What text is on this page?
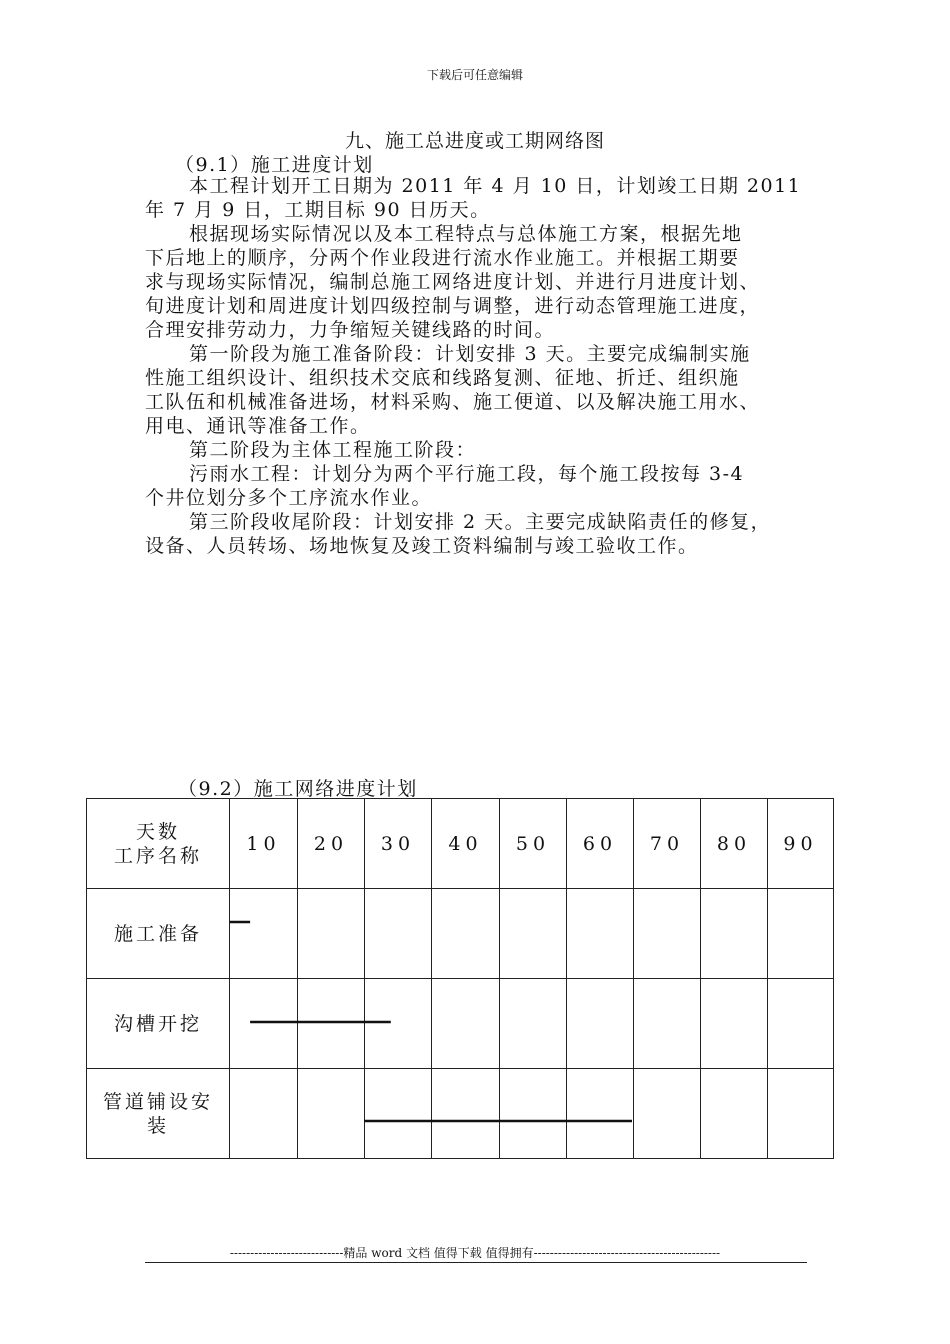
下载后可任意编辑
九、施工总进度或工期网络图
（9.1）施工进度计划
本工程计划开工日期为 2011 年 4 月 10 日，计划竣工日期 2011
年 7 月 9 日，工期目标 90 日历天。
根据现场实际情况以及本工程特点与总体施工方案，根据先地
下后地上的顺序，分两个作业段进行流水作业施工。并根据工期要
求与现场实际情况，编制总施工网络进度计划、并进行月进度计划、
旬进度计划和周进度计划四级控制与调整，进行动态管理施工进度，
合理安排劳动力，力争缩短关键线路的时间。
第一阶段为施工准备阶段：计划安排 3 天。主要完成编制实施
性施工组织设计、组织技术交底和线路复测、征地、折迁、组织施
工队伍和机械准备进场，材料采购、施工便道、以及解决施工用水、
用电、通讯等准备工作。
第二阶段为主体工程施工阶段：
污雨水工程：计划分为两个平行施工段，每个施工段按每 3-4
个井位划分多个工序流水作业。
第三阶段收尾阶段：计划安排 2 天。主要完成缺陷责任的修复，
设备、人员转场、场地恢复及竣工资料编制与竣工验收工作。
（9.2）施工网络进度计划
天数
工序名称	10	20	30	40	50	60	70	80	90
施工准备									
沟槽开挖									

管道铺设安
装									

----------------------------精品 word 文档 值得下载 值得拥有----------------------------------------------
